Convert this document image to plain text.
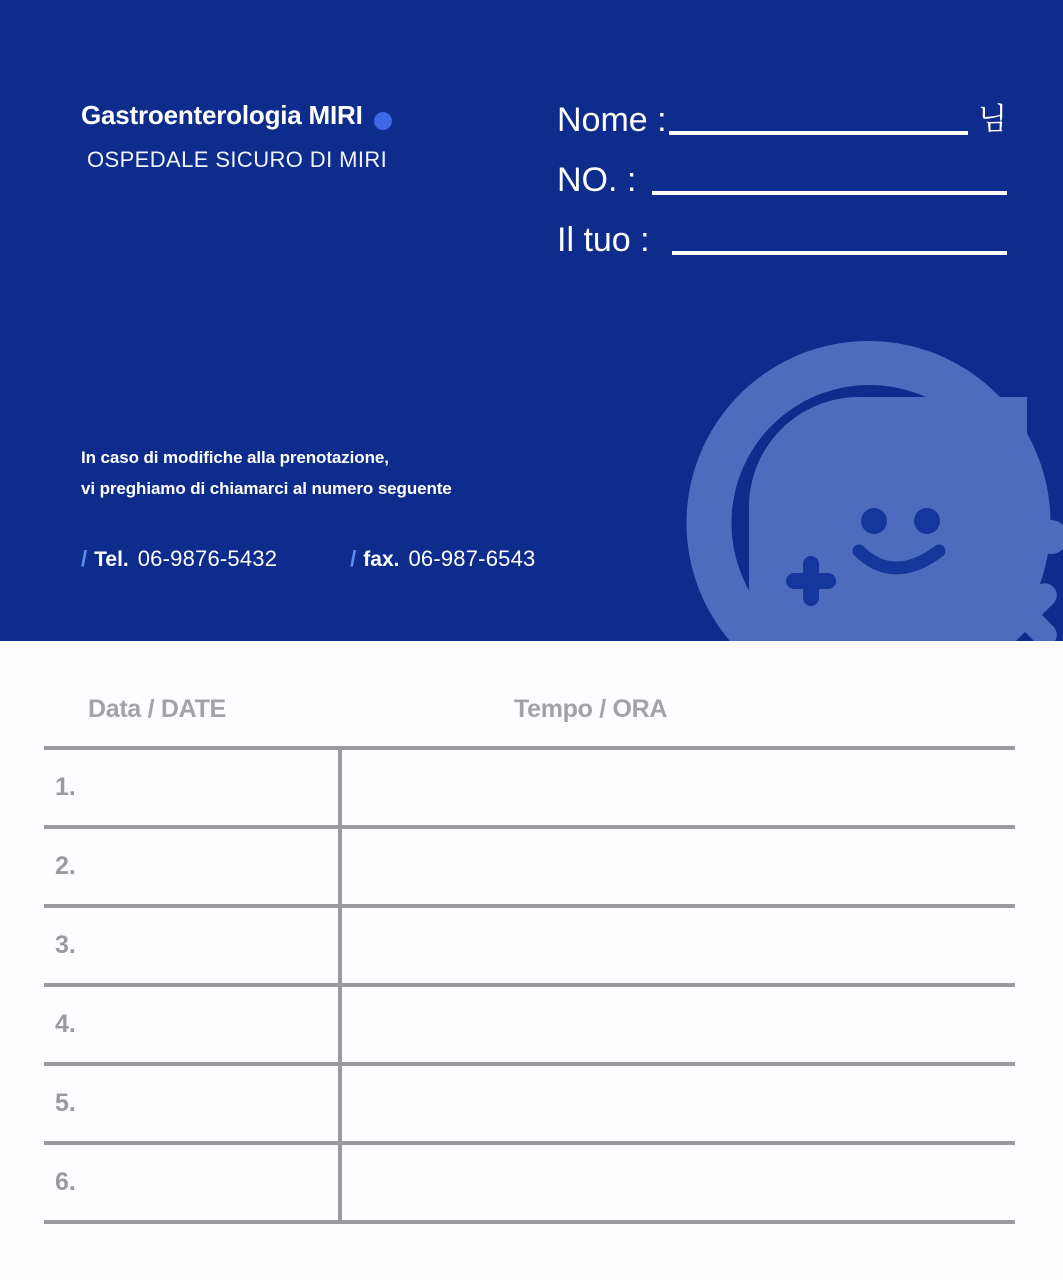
Gastroenterologia MIRI
OSPEDALE SICURO DI MIRI
Nome :	님
NO. :
Il tuo :
In caso di modifiche alla prenotazione,
vi preghiamo di chiamarci al numero seguente
/ Tel. 06-9876-5432	/ fax. 06-987-6543
Data / DATE	Tempo / ORA
1.
2.
3.
4.
5.
6.
